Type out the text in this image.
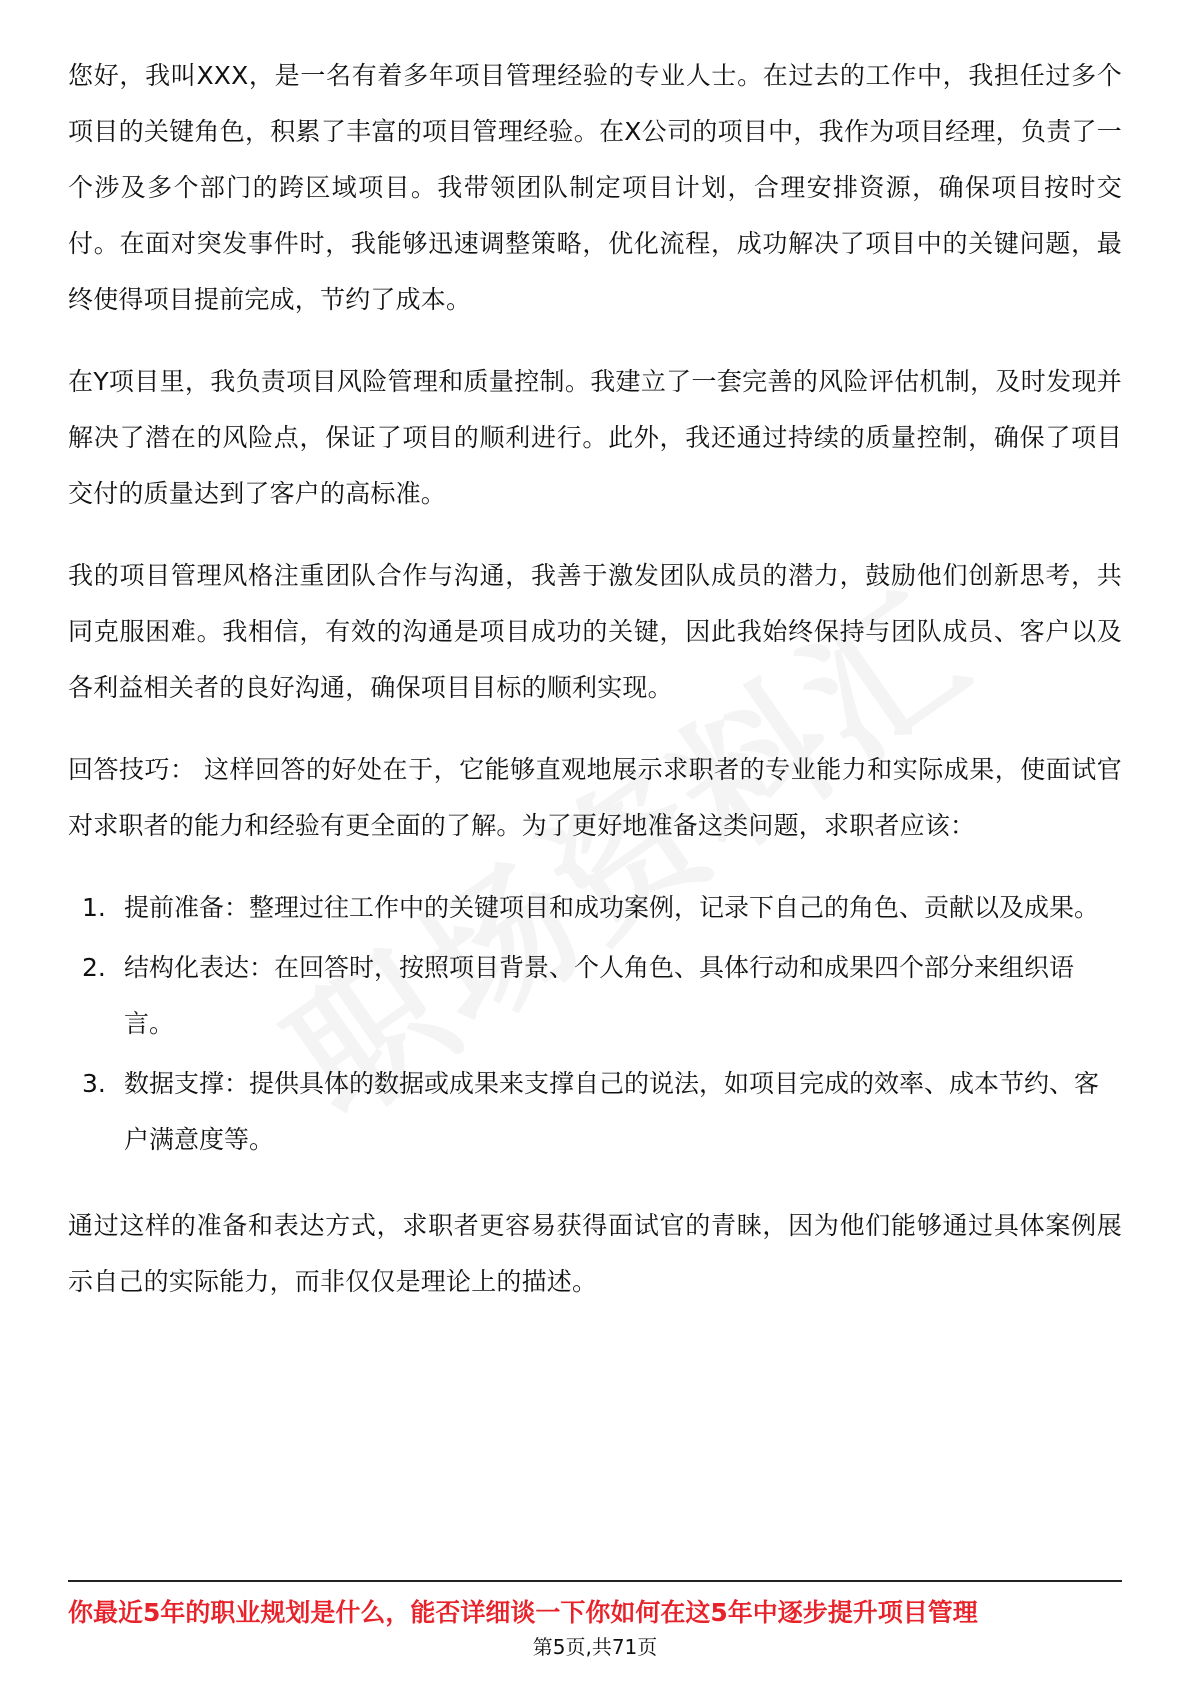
您好，我叫XXX，是一名有着多年项目管理经验的专业人士。在过去的工作中，我担任过多个项目的关键角色，积累了丰富的项目管理经验。在X公司的项目中，我作为项目经理，负责了一个涉及多个部门的跨区域项目。我带领团队制定项目计划，合理安排资源，确保项目按时交付。在面对突发事件时，我能够迅速调整策略，优化流程，成功解决了项目中的关键问题，最终使得项目提前完成，节约了成本。

在Y项目里，我负责项目风险管理和质量控制。我建立了一套完善的风险评估机制，及时发现并解决了潜在的风险点，保证了项目的顺利进行。此外，我还通过持续的质量控制，确保了项目交付的质量达到了客户的高标准。

我的项目管理风格注重团队合作与沟通，我善于激发团队成员的潜力，鼓励他们创新思考，共同克服困难。我相信，有效的沟通是项目成功的关键，因此我始终保持与团队成员、客户以及各利益相关者的良好沟通，确保项目目标的顺利实现。

回答技巧： 这样回答的好处在于，它能够直观地展示求职者的专业能力和实际成果，使面试官对求职者的能力和经验有更全面的了解。为了更好地准备这类问题，求职者应该：

1. 提前准备：整理过往工作中的关键项目和成功案例，记录下自己的角色、贡献以及成果。
2. 结构化表达：在回答时，按照项目背景、个人角色、具体行动和成果四个部分来组织语言。
3. 数据支撑：提供具体的数据或成果来支撑自己的说法，如项目完成的效率、成本节约、客户满意度等。

通过这样的准备和表达方式，求职者更容易获得面试官的青睐，因为他们能够通过具体案例展示自己的实际能力，而非仅仅是理论上的描述。

你最近5年的职业规划是什么，能否详细谈一下你如何在这5年中逐步提升项目管理
第5页,共71页
